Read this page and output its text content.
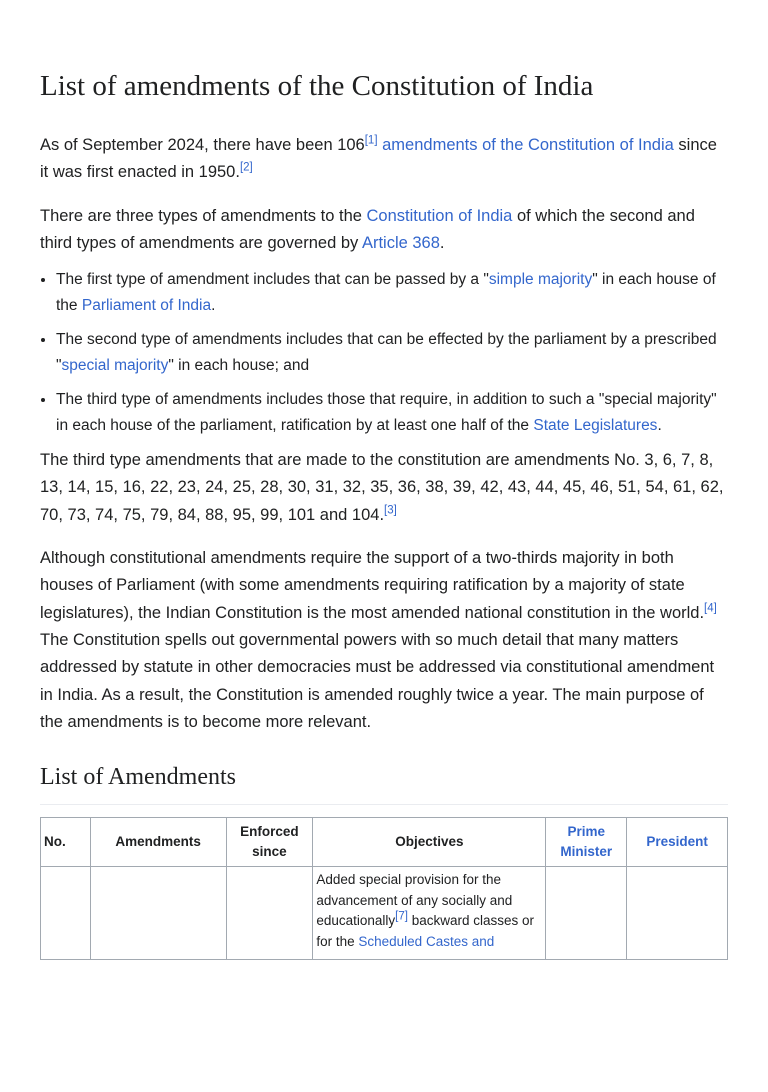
List of amendments of the Constitution of India

As of September 2024, there have been 106[1] amendments of the Constitution of India since it was first enacted in 1950.[2]

There are three types of amendments to the Constitution of India of which the second and third types of amendments are governed by Article 368.

• The first type of amendment includes that can be passed by a "simple majority" in each house of the Parliament of India.
• The second type of amendments includes that can be effected by the parliament by a prescribed "special majority" in each house; and
• The third type of amendments includes those that require, in addition to such a "special majority" in each house of the parliament, ratification by at least one half of the State Legislatures.

The third type amendments that are made to the constitution are amendments No. 3, 6, 7, 8, 13, 14, 15, 16, 22, 23, 24, 25, 28, 30, 31, 32, 35, 36, 38, 39, 42, 43, 44, 45, 46, 51, 54, 61, 62, 70, 73, 74, 75, 79, 84, 88, 95, 99, 101 and 104.[3]

Although constitutional amendments require the support of a two-thirds majority in both houses of Parliament (with some amendments requiring ratification by a majority of state legislatures), the Indian Constitution is the most amended national constitution in the world.[4] The Constitution spells out governmental powers with so much detail that many matters addressed by statute in other democracies must be addressed via constitutional amendment in India. As a result, the Constitution is amended roughly twice a year. The main purpose of the amendments is to become more relevant.

List of Amendments
No.	Amendments	Enforced since	Objectives	Prime Minister	President
			Added special provision for the advancement of any socially and educationally[7] backward classes or for the Scheduled Castes and		
